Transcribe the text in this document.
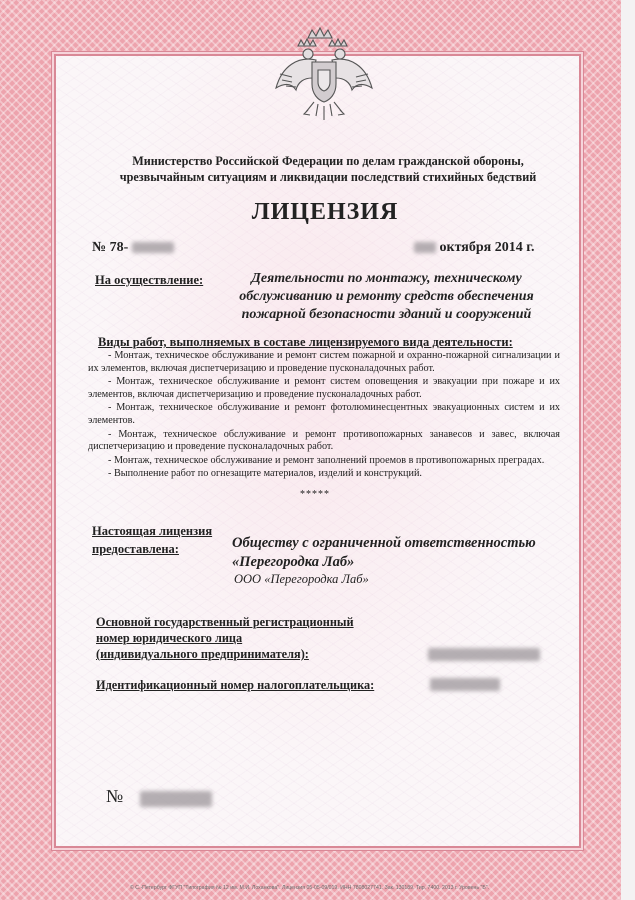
Министерство Российской Федерации по делам гражданской обороны, чрезвычайным ситуациям и ликвидации последствий стихийных бедствий
ЛИЦЕНЗИЯ
№ 78-	октября 2014 г.
На осуществление:	Деятельности по монтажу, техническому обслуживанию и ремонту средств обеспечения пожарной безопасности зданий и сооружений
Виды работ, выполняемых в составе лицензируемого вида деятельности:

- Монтаж, техническое обслуживание и ремонт систем пожарной и охранно-пожарной сигнализации и их элементов, включая диспетчеризацию и проведение пусконаладочных работ.

- Монтаж, техническое обслуживание и ремонт систем оповещения и эвакуации при пожаре и их элементов, включая диспетчеризацию и проведение пусконаладочных работ.

- Монтаж, техническое обслуживание и ремонт фотолюминесцентных эвакуационных систем и их элементов.

- Монтаж, техническое обслуживание и ремонт противопожарных занавесов и завес, включая диспетчеризацию и проведение пусконаладочных работ.

- Монтаж, техническое обслуживание и ремонт заполнений проемов в противопожарных преградах.

- Выполнение работ по огнезащите материалов, изделий и конструкций.

*****
Настоящая лицензия
предоставлена:	Обществу с ограниченной ответственностью
«Перегородка Лаб»
ООО «Перегородка Лаб»
Основной государственный регистрационный
номер юридического лица
(индивидуального предпринимателя):
Идентификационный номер налогоплательщика:
№
© С.-Петербург ФГУП "Типография № 12 им. М.И. Лоханкова". Лицензия 05-05-09/019. ИНН 7808027741. Зак. 130189. Тир. 7400. 2013 г. Уровень "Б".
